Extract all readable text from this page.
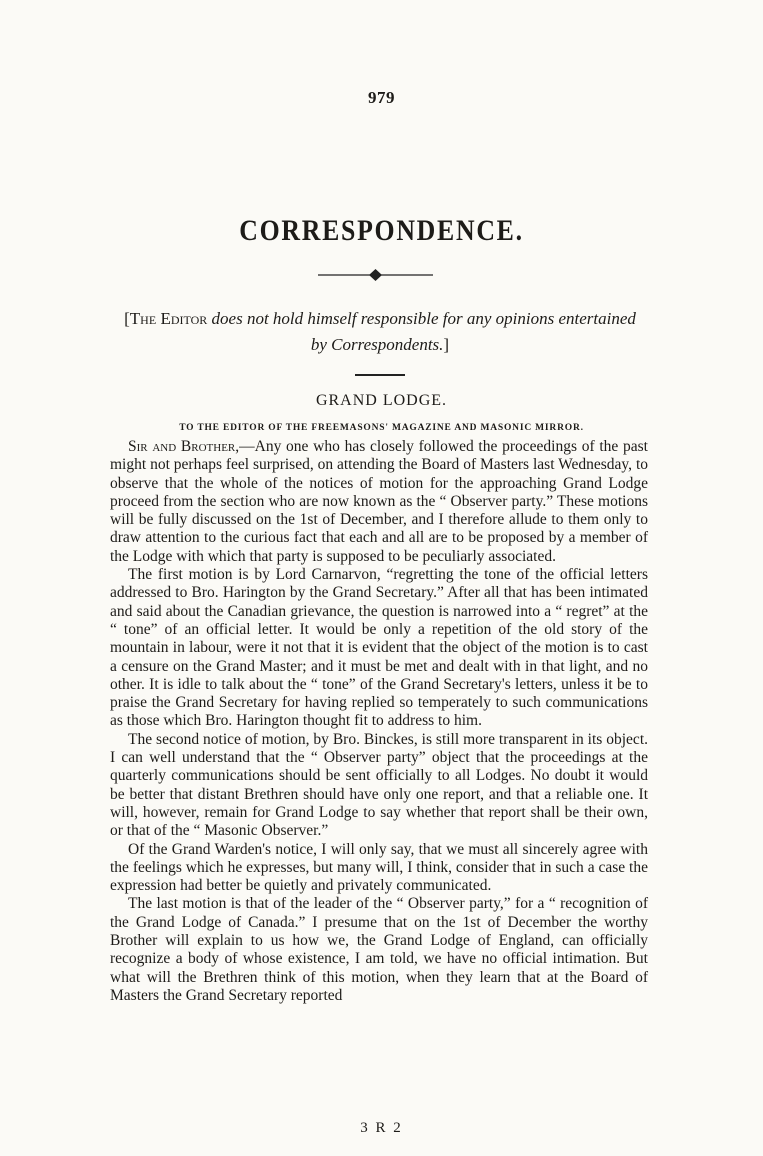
979
CORRESPONDENCE.
[The Editor does not hold himself responsible for any opinions entertained by Correspondents.]
GRAND LODGE.
TO THE EDITOR OF THE FREEMASONS' MAGAZINE AND MASONIC MIRROR.

Sir and Brother,—Any one who has closely followed the proceedings of the past might not perhaps feel surprised, on attending the Board of Masters last Wednesday, to observe that the whole of the notices of motion for the approaching Grand Lodge proceed from the section who are now known as the “ Observer party.” These motions will be fully discussed on the 1st of December, and I therefore allude to them only to draw attention to the curious fact that each and all are to be proposed by a member of the Lodge with which that party is supposed to be peculiarly associated.

The first motion is by Lord Carnarvon, “regretting the tone of the official letters addressed to Bro. Harington by the Grand Secretary.” After all that has been intimated and said about the Canadian grievance, the question is narrowed into a “ regret” at the “ tone” of an official letter. It would be only a repetition of the old story of the mountain in labour, were it not that it is evident that the object of the motion is to cast a censure on the Grand Master; and it must be met and dealt with in that light, and no other. It is idle to talk about the “ tone” of the Grand Secretary's letters, unless it be to praise the Grand Secretary for having replied so temperately to such communications as those which Bro. Harington thought fit to address to him.

The second notice of motion, by Bro. Binckes, is still more transparent in its object. I can well understand that the “ Observer party” object that the proceedings at the quarterly communications should be sent officially to all Lodges. No doubt it would be better that distant Brethren should have only one report, and that a reliable one. It will, however, remain for Grand Lodge to say whether that report shall be their own, or that of the “ Masonic Observer.”

Of the Grand Warden's notice, I will only say, that we must all sincerely agree with the feelings which he expresses, but many will, I think, consider that in such a case the expression had better be quietly and privately communicated.

The last motion is that of the leader of the “ Observer party,” for a “ recognition of the Grand Lodge of Canada.” I presume that on the 1st of December the worthy Brother will explain to us how we, the Grand Lodge of England, can officially recognize a body of whose existence, I am told, we have no official intimation. But what will the Brethren think of this motion, when they learn that at the Board of Masters the Grand Secretary reported

3 R 2
